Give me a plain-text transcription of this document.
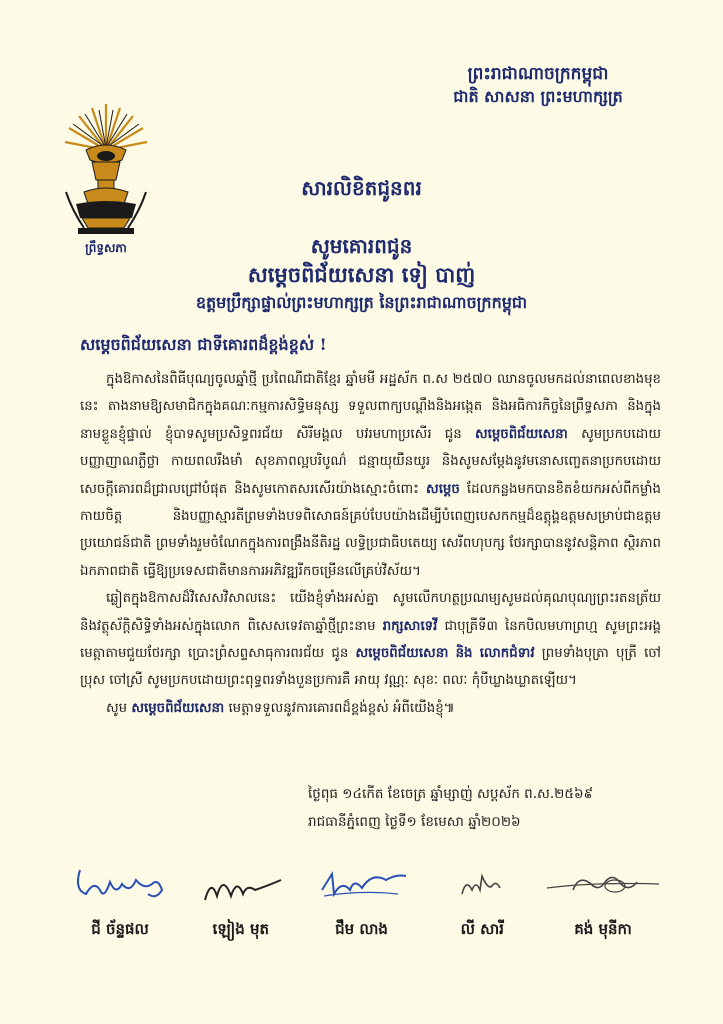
ព្រះរាជាណាចក្រកម្ពុជា
ជាតិ សាសនា ព្រះមហាក្សត្រ
ព្រឹទ្ធសភា
សារលិខិតជូនពរ
សូមគោរពជូន
សម្តេចពិជ័យសេនា ទៀ បាញ់
ឧត្តមប្រឹក្សាផ្ទាល់ព្រះមហាក្សត្រ នៃព្រះរាជាណាចក្រកម្ពុជា
សម្តេចពិជ័យសេនា ជាទីគោរពដ៏ខ្ពង់ខ្ពស់ !

ក្នុងឱកាសនៃពិធីបុណ្យចូលឆ្នាំថ្មី ប្រពៃណីជាតិខ្មែរ ឆ្នាំមមី អដ្ឋស័ក ព.ស ២៥៧០ ឈានចូលមកដល់នាពេលខាងមុខនេះ តាងនាមឱ្យសមាជិកក្នុងគណៈកម្មការសិទ្ធិមនុស្ស ទទួលពាក្យបណ្តឹងនិងអង្កេត និងអធិការកិច្ចនៃព្រឹទ្ធសភា និងក្នុងនាមខ្លួនខ្ញុំផ្ទាល់ ខ្ញុំបាទសូមប្រសិទ្ធពរជ័យ សិរីមង្គល បវរមហាប្រសើរ ជូន សម្តេចពិជ័យសេនា សូមប្រកបដោយបញ្ញាញាណភ្លឺថ្លា កាយពលរឹងមាំ សុខភាពល្អបរិបូណ៌ ជន្មាយុយឺនយូរ និងសូមសម្តែងនូវមនោសញ្ចេតនាប្រកបដោយសេចក្តីគោរពដ៏ជ្រាលជ្រៅបំផុត និងសូមកោតសរសើរយ៉ាងស្មោះចំពោះ សម្តេច ដែលកន្លងមកបានខិតខំយកអស់ពីកម្លាំងកាយចិត្ត និងបញ្ញាស្មារតីព្រមទាំងបទពិសោធន៍គ្រប់បែបយ៉ាងដើម្បីបំពេញបេសកកម្មដ៏ឧត្តុង្គឧត្តមសម្រាប់ជាឧត្តមប្រយោជន៍ជាតិ ព្រមទាំងរួមចំណែកក្នុងការពង្រឹងនីតិរដ្ឋ លទ្ធិប្រជាធិបតេយ្យ សេរីពហុបក្ស ថែរក្សាបាននូវសន្តិភាព ស្ថិរភាព ឯកភាពជាតិ ធ្វើឱ្យប្រទេសជាតិមានការអភិវឌ្ឍរីកចម្រើនលើគ្រប់វិស័យ។

ឆ្លៀតក្នុងឱកាសដ៏វិសេសវិសាលនេះ យើងខ្ញុំទាំងអស់គ្នា សូមលើកហត្ថប្រណម្យសូមដល់គុណបុណ្យព្រះរតនត្រ័យ និងវត្ថុស័ក្តិសិទ្ធិទាំងអស់ក្នុងលោក ពិសេសទេវតាឆ្នាំថ្មីព្រះនាម រាក្សសាទេវី ជាបុត្រីទី៣ នៃកបិលមហាព្រហ្ម សូមព្រះអង្គមេត្តាតាមជួយថែរក្សា ប្រោះព្រំសព្ទសាធុការពរជ័យ ជូន សម្តេចពិជ័យសេនា និង លោកជំទាវ ព្រមទាំងបុត្រា បុត្រី ចៅប្រុស ចៅស្រី សូមប្រកបដោយព្រះពុទ្ធពរទាំងបួនប្រការគឺ អាយុ វណ្ណៈ សុខៈ ពលៈ កុំបីឃ្លាងឃ្លាតឡើយ។

សូម សម្តេចពិជ័យសេនា មេត្តាទទួលនូវការគោរពដ៏ខ្ពង់ខ្ពស់ អំពីយើងខ្ញុំ៕

ថ្ងៃពុធ ១៤កើត ខែចេត្រ ឆ្នាំម្សាញ់ សប្តស័ក ព.ស.២៥៦៩
រាជធានីភ្នំពេញ ថ្ងៃទី១ ខែមេសា ឆ្នាំ២០២៦
ជី ច័ន្ទផល	ឡៀង មុត	ជឹម លាង	លី សារី	គង់ មុនីកា
